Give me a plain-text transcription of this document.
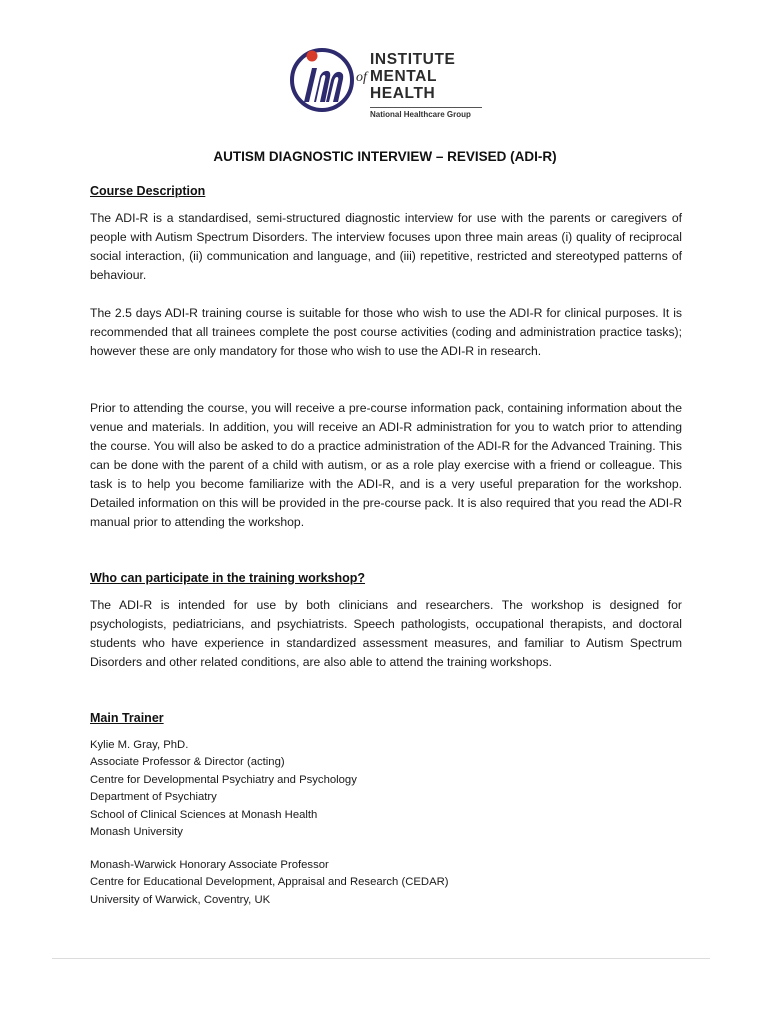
INSTITUTE
of MENTAL
HEALTH
National Healthcare Group
AUTISM DIAGNOSTIC INTERVIEW – REVISED (ADI-R)
Course Description

The ADI-R is a standardised, semi-structured diagnostic interview for use with the parents or caregivers of people with Autism Spectrum Disorders. The interview focuses upon three main areas (i) quality of reciprocal social interaction, (ii) communication and language, and (iii) repetitive, restricted and stereotyped patterns of behaviour.

The 2.5 days ADI-R training course is suitable for those who wish to use the ADI-R for clinical purposes. It is recommended that all trainees complete the post course activities (coding and administration practice tasks); however these are only mandatory for those who wish to use the ADI-R in research.

Prior to attending the course, you will receive a pre-course information pack, containing information about the venue and materials. In addition, you will receive an ADI-R administration for you to watch prior to attending the course. You will also be asked to do a practice administration of the ADI-R for the Advanced Training. This can be done with the parent of a child with autism, or as a role play exercise with a friend or colleague. This task is to help you become familiarize with the ADI-R, and is a very useful preparation for the workshop. Detailed information on this will be provided in the pre-course pack. It is also required that you read the ADI-R manual prior to attending the workshop.

Who can participate in the training workshop?

The ADI-R is intended for use by both clinicians and researchers. The workshop is designed for psychologists, pediatricians, and psychiatrists. Speech pathologists, occupational therapists, and doctoral students who have experience in standardized assessment measures, and familiar to Autism Spectrum Disorders and other related conditions, are also able to attend the training workshops.

Main Trainer
Kylie M. Gray, PhD.
Associate Professor & Director (acting)
Centre for Developmental Psychiatry and Psychology
Department of Psychiatry
School of Clinical Sciences at Monash Health
Monash University
Monash-Warwick Honorary Associate Professor
Centre for Educational Development, Appraisal and Research (CEDAR)
University of Warwick, Coventry, UK
